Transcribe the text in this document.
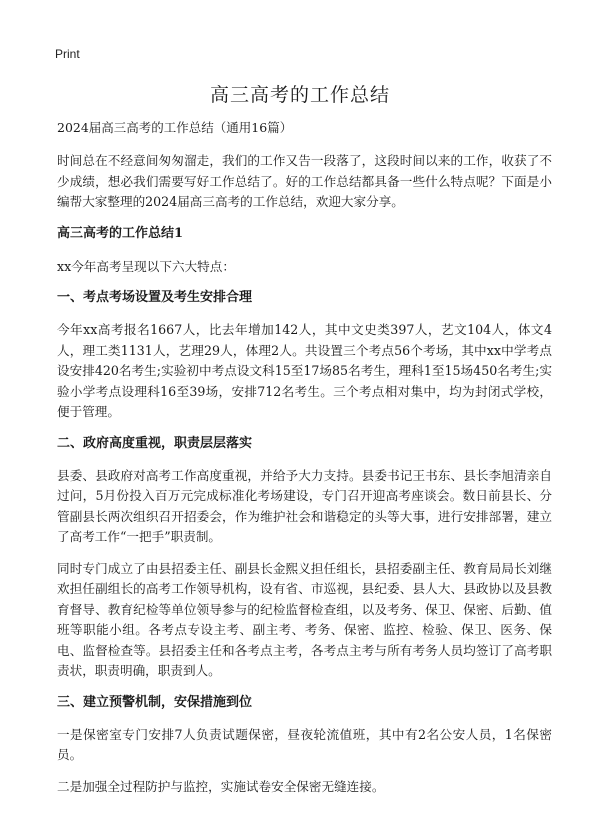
Print
高三高考的工作总结
2024届高三高考的工作总结（通用16篇）

时间总在不经意间匆匆溜走，我们的工作又告一段落了，这段时间以来的工作，收获了不少成绩，想必我们需要写好工作总结了。好的工作总结都具备一些什么特点呢？下面是小编帮大家整理的2024届高三高考的工作总结，欢迎大家分享。

高三高考的工作总结1

xx今年高考呈现以下六大特点：

一、考点考场设置及考生安排合理

今年xx高考报名1667人，比去年增加142人，其中文史类397人，艺文104人，体文4人，理工类1131人，艺理29人，体理2人。共设置三个考点56个考场，其中xx中学考点设安排420名考生;实验初中考点设文科15至17场85名考生，理科1至15场450名考生;实验小学考点设理科16至39场，安排712名考生。三个考点相对集中，均为封闭式学校，便于管理。

二、政府高度重视，职责层层落实

县委、县政府对高考工作高度重视，并给予大力支持。县委书记王书东、县长李旭清亲自过问，5月份投入百万元完成标准化考场建设，专门召开迎高考座谈会。数日前县长、分管副县长两次组织召开招委会，作为维护社会和谐稳定的头等大事，进行安排部署，建立了高考工作“一把手”职责制。

同时专门成立了由县招委主任、副县长金熙义担任组长，县招委副主任、教育局局长刘继欢担任副组长的高考工作领导机构，设有省、市巡视，县纪委、县人大、县政协以及县教育督导、教育纪检等单位领导参与的纪检监督检查组，以及考务、保卫、保密、后勤、值班等职能小组。各考点专设主考、副主考、考务、保密、监控、检验、保卫、医务、保电、监督检查等。县招委主任和各考点主考，各考点主考与所有考务人员均签订了高考职责状，职责明确，职责到人。

三、建立预警机制，安保措施到位

一是保密室专门安排7人负责试题保密，昼夜轮流值班，其中有2名公安人员，1名保密员。

二是加强全过程防护与监控，实施试卷安全保密无缝连接。
